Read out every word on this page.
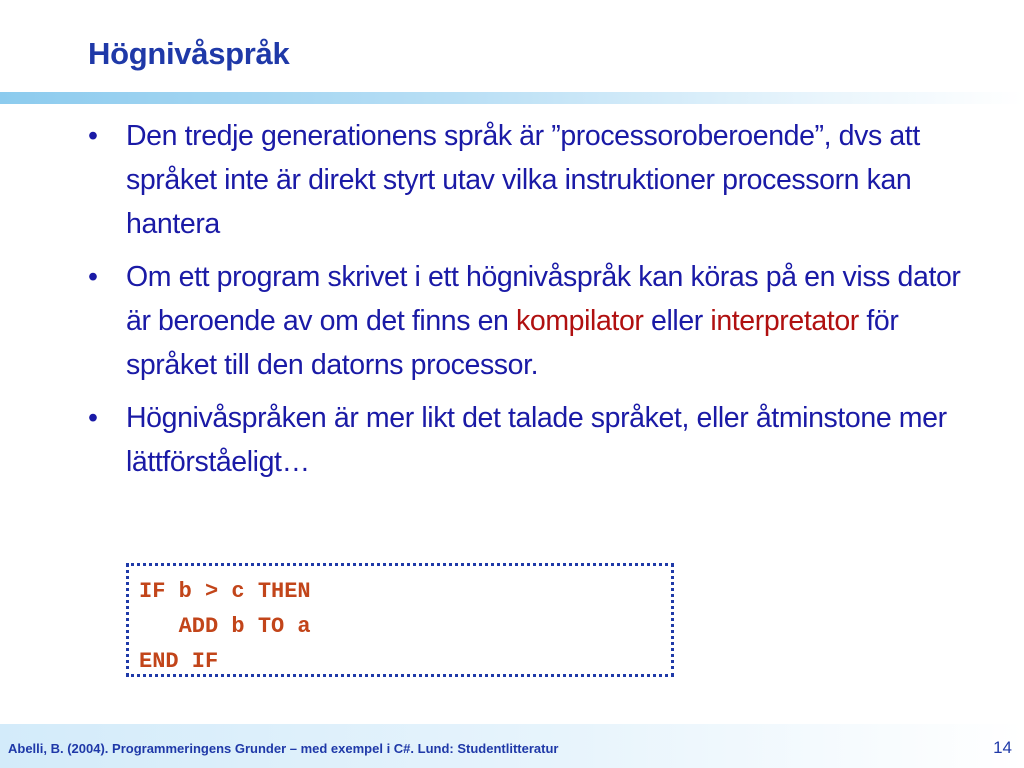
Högnivåspråk
• Den tredje generationens språk är ”processoroberoende”, dvs att språket inte är direkt styrt utav vilka instruktioner processorn kan hantera
• Om ett program skrivet i ett högnivåspråk kan köras på en viss dator är beroende av om det finns en kompilator eller interpretator för språket till den datorns processor.
• Högnivåspråken är mer likt det talade språket, eller åtminstone mer lättförståeligt…
IF b > c THEN
ADD b TO a
END IF
Abelli, B. (2004). Programmeringens Grunder – med exempel i C#. Lund: Studentlitteratur	14
